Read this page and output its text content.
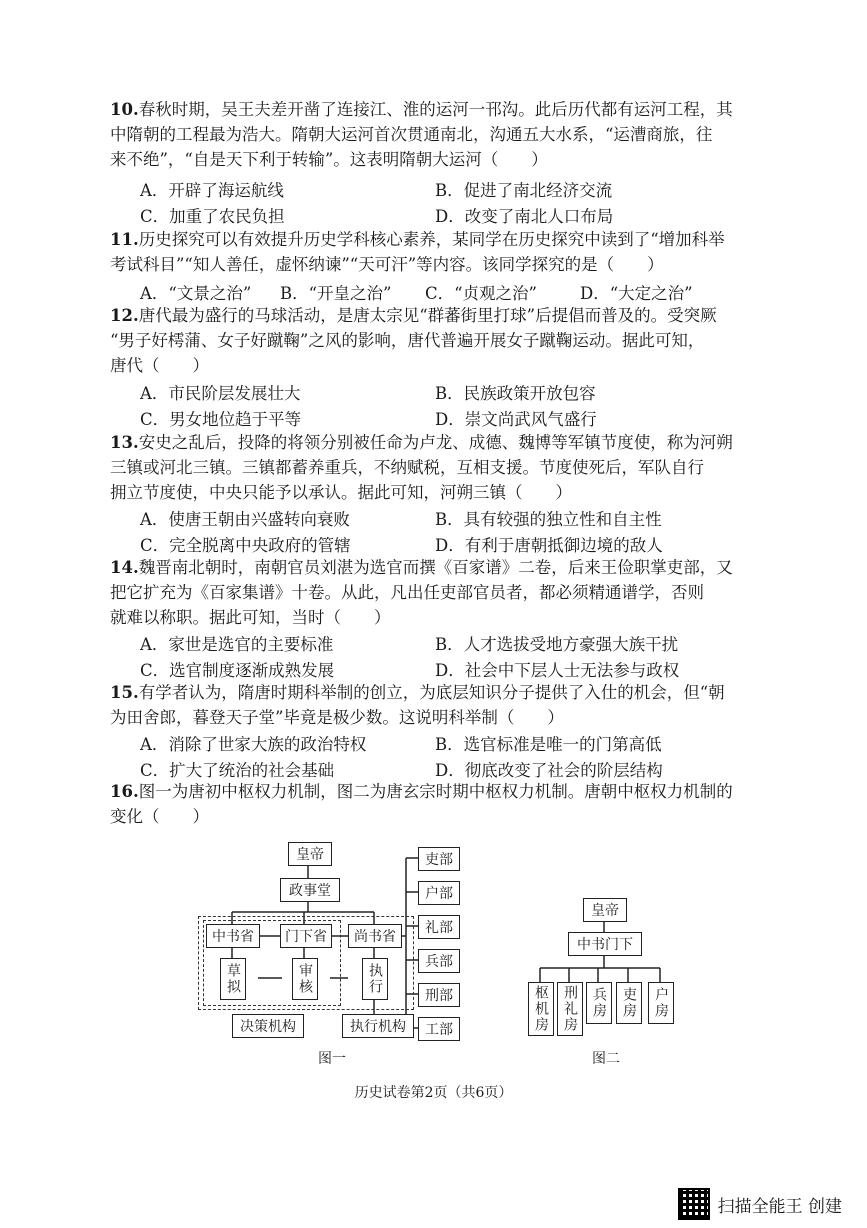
10.春秋时期，吴王夫差开凿了连接江、淮的运河一邗沟。此后历代都有运河工程，其
中隋朝的工程最为浩大。隋朝大运河首次贯通南北，沟通五大水系，“运漕商旅，往
来不绝”，“自是天下利于转输”。这表明隋朝大运河（　　）
A．开辟了海运航线	B．促进了南北经济交流
C．加重了农民负担	D．改变了南北人口布局
11.历史探究可以有效提升历史学科核心素养，某同学在历史探究中读到了“增加科举
考试科目”“知人善任，虚怀纳谏”“天可汗”等内容。该同学探究的是（　　）
A．“文景之治” B．“开皇之治” C．“贞观之治”	D．“大定之治”
12.唐代最为盛行的马球活动，是唐太宗见“群蕃街里打球”后提倡而普及的。受突厥
“男子好樗蒲、女子好蹴鞠”之风的影响，唐代普遍开展女子蹴鞠运动。据此可知，
唐代（　　）
A．市民阶层发展壮大	B．民族政策开放包容
C．男女地位趋于平等	D．崇文尚武风气盛行
13.安史之乱后，投降的将领分别被任命为卢龙、成德、魏博等军镇节度使，称为河朔
三镇或河北三镇。三镇都蓄养重兵，不纳赋税，互相支援。节度使死后，军队自行
拥立节度使，中央只能予以承认。据此可知，河朔三镇（　　）
A．使唐王朝由兴盛转向衰败	B．具有较强的独立性和自主性
C．完全脱离中央政府的管辖	D．有利于唐朝抵御边境的敌人
14.魏晋南北朝时，南朝官员刘湛为选官而撰《百家谱》二卷，后来王俭职掌吏部，又
把它扩充为《百家集谱》十卷。从此，凡出任吏部官员者，都必须精通谱学，否则
就难以称职。据此可知，当时（　　）
A．家世是选官的主要标准	B．人才选拔受地方豪强大族干扰
C．选官制度逐渐成熟发展	D．社会中下层人士无法参与政权
15.有学者认为，隋唐时期科举制的创立，为底层知识分子提供了入仕的机会，但“朝
为田舍郎，暮登天子堂”毕竟是极少数。这说明科举制（　　）
A．消除了世家大族的政治特权	B．选官标准是唯一的门第高低
C．扩大了统治的社会基础	D．彻底改变了社会的阶层结构
16.图一为唐初中枢权力机制，图二为唐玄宗时期中枢权力机制。唐朝中枢权力机制的
变化（　　）
皇帝
政事堂
中书省	门下省	尚书省
草拟	审核	执行
吏部
户部
礼部
兵部
刑部
工部
决策机构	执行机构
图一
皇帝
中书门下
枢机房 刑礼房 兵房	吏房	户房
图二
历史试卷第2页（共6页）
扫描全能王 创建
